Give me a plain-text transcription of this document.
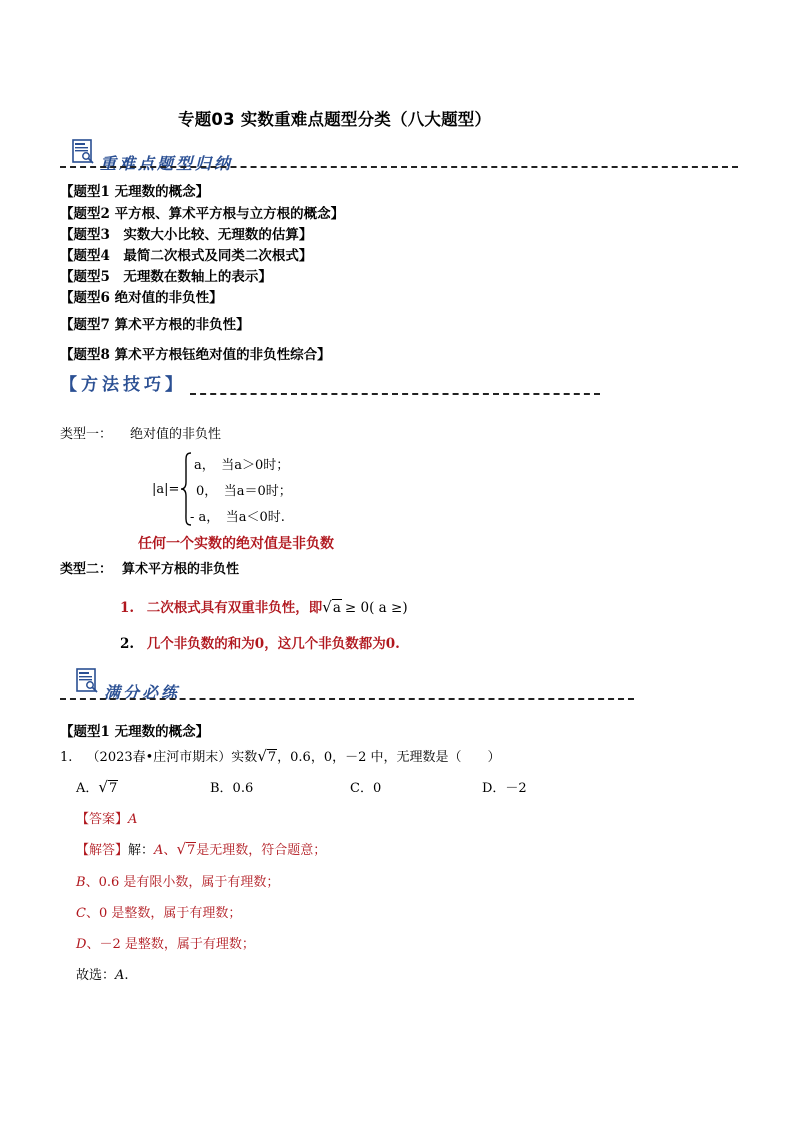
专题03 实数重难点题型分类（八大题型）
重难点题型归纳
【题型1 无理数的概念】
【题型2 平方根、算术平方根与立方根的概念】
【题型3　实数大小比较、无理数的估算】
【题型4　最简二次根式及同类二次根式】
【题型5　无理数在数轴上的表示】
【题型6 绝对值的非负性】
【题型7 算术平方根的非负性】
【题型8 算术平方根钰绝对值的非负性综合】
【方法技巧】
类型一： 绝对值的非负性
|a|=
a，　当a＞0时；
0，　当a＝0时；
- a，　当a＜0时.
任何一个实数的绝对值是非负数
类型二： 算术平方根的非负性
1. 二次根式具有双重非负性，即√a ≥ 0( a ≥)
2. 几个非负数的和为0，这几个非负数都为0.
满分必练
【题型1 无理数的概念】
1. （2023春•庄河市期末）实数√7，0.6，0，－2 中，无理数是（　　）
A．√7	B．0.6	C．0	D．－2
【答案】A
【解答】解：A、√7是无理数，符合题意；
B、0.6 是有限小数，属于有理数；
C、0 是整数，属于有理数；
D、－2 是整数，属于有理数；
故选：A.
